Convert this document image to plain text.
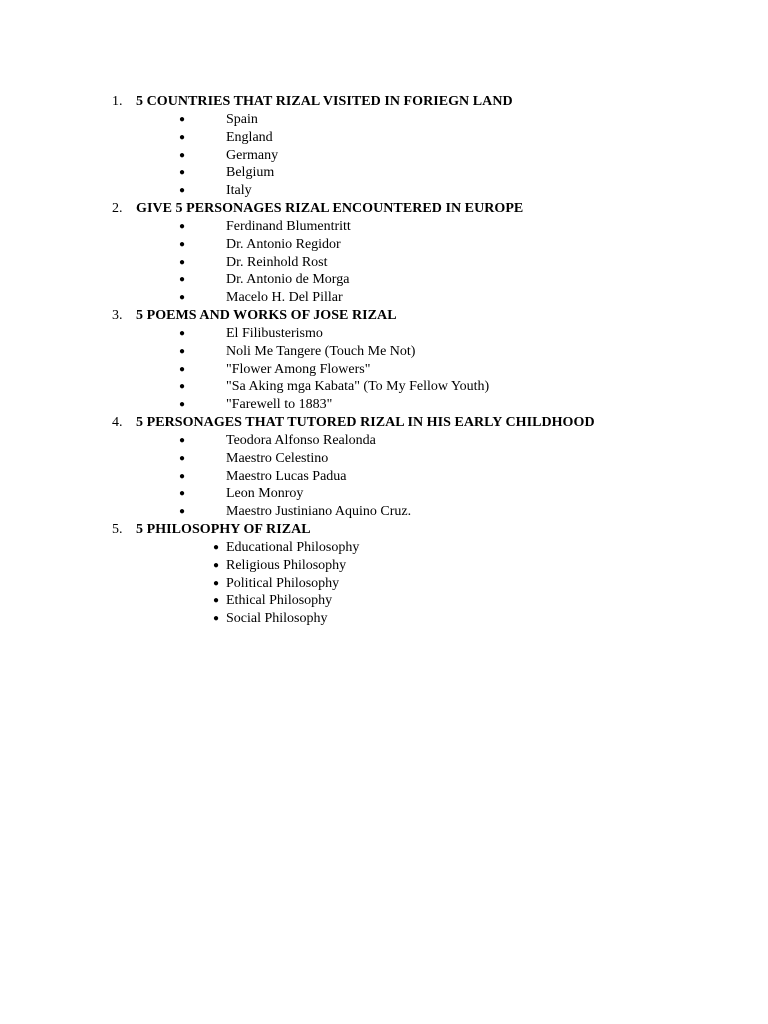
1. 5 COUNTRIES THAT RIZAL VISITED IN FORIEGN LAND
●	Spain
●	England
●	Germany
●	Belgium
●	Italy
2. GIVE 5 PERSONAGES RIZAL ENCOUNTERED IN EUROPE
●	Ferdinand Blumentritt
●	Dr. Antonio Regidor
●	Dr. Reinhold Rost
●	Dr. Antonio de Morga
●	Macelo H. Del Pillar
3. 5 POEMS AND WORKS OF JOSE RIZAL
●	El Filibusterismo
●	Noli Me Tangere (Touch Me Not)
●	"Flower Among Flowers"
●	"Sa Aking mga Kabata" (To My Fellow Youth)
●	"Farewell to 1883"
4. 5 PERSONAGES THAT TUTORED RIZAL IN HIS EARLY CHILDHOOD
●	Teodora Alfonso Realonda
●	Maestro Celestino
●	Maestro Lucas Padua
●	Leon Monroy
●	Maestro Justiniano Aquino Cruz.
5. 5 PHILOSOPHY OF RIZAL
● Educational Philosophy
● Religious Philosophy
● Political Philosophy
● Ethical Philosophy
● Social Philosophy
